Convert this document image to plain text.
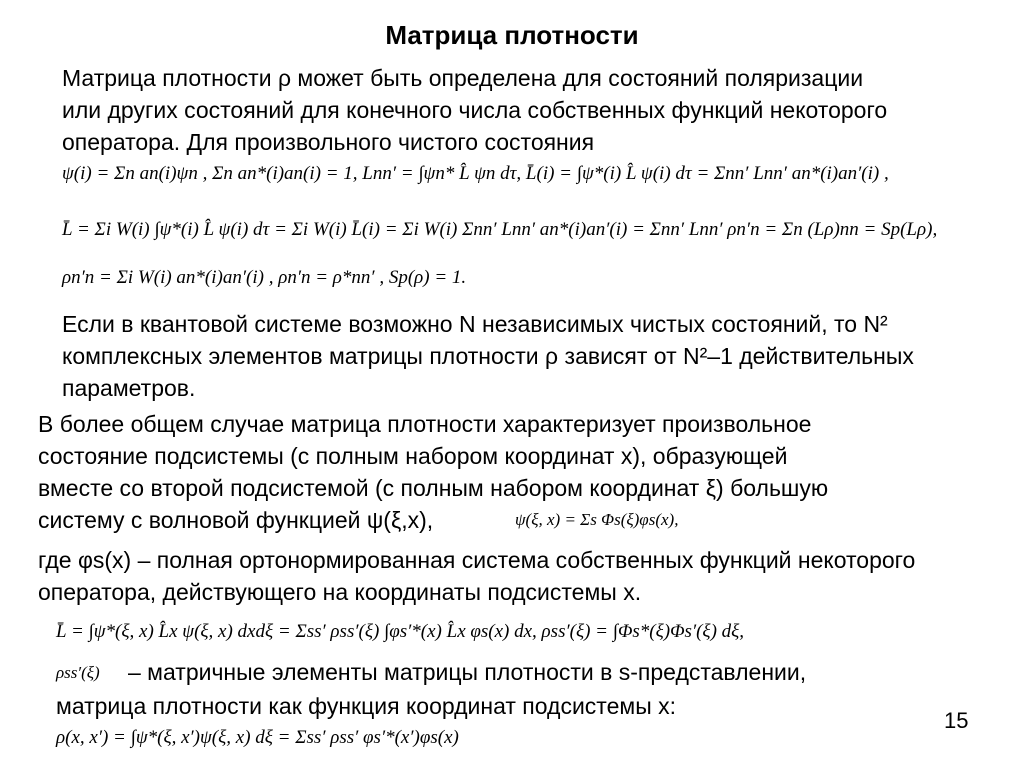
Матрица плотности
Матрица плотности ρ может быть определена для состояний поляризации
или других состояний для конечного числа собственных функций некоторого
оператора. Для произвольного чистого состояния
ψ(i) = Σn an(i)ψn , Σn an*(i)an(i) = 1, Lnn′ = ∫ψn* L̂ ψn dτ, L̄(i) = ∫ψ*(i) L̂ ψ(i) dτ = Σnn′ Lnn′ an*(i)an′(i) ,
L̄ = Σi W(i) ∫ψ*(i) L̂ ψ(i) dτ = Σi W(i) L̄(i) = Σi W(i) Σnn′ Lnn′ an*(i)an′(i) = Σnn′ Lnn′ ρn′n = Σn (Lρ)nn = Sp(Lρ),
ρn′n = Σi W(i) an*(i)an′(i) , ρn′n = ρ*nn′ , Sp(ρ) = 1.
Если в квантовой системе возможно N независимых чистых состояний, то N²
комплексных элементов матрицы плотности ρ зависят от N²–1 действительных
параметров.
В более общем случае матрица плотности характеризует произвольное
состояние подсистемы (с полным набором координат x), образующей
вместе со второй подсистемой (с полным набором координат ξ) большую
систему с волновой функцией ψ(ξ,x),	ψ(ξ, x) = Σs Φs(ξ)φs(x),
где φs(x) – полная ортонормированная система собственных функций некоторого
оператора, действующего на координаты подсистемы x.
L̄ = ∫ψ*(ξ, x) L̂x ψ(ξ, x) dxdξ = Σss′ ρss′(ξ) ∫φs′*(x) L̂x φs(x) dx, ρss′(ξ) = ∫Φs*(ξ)Φs′(ξ) dξ,
ρss′(ξ) – матричные элементы матрицы плотности в s-представлении,
матрица плотности как функция координат подсистемы x:
ρ(x, x′) = ∫ψ*(ξ, x′)ψ(ξ, x) dξ = Σss′ ρss′ φs′*(x′)φs(x)
15
